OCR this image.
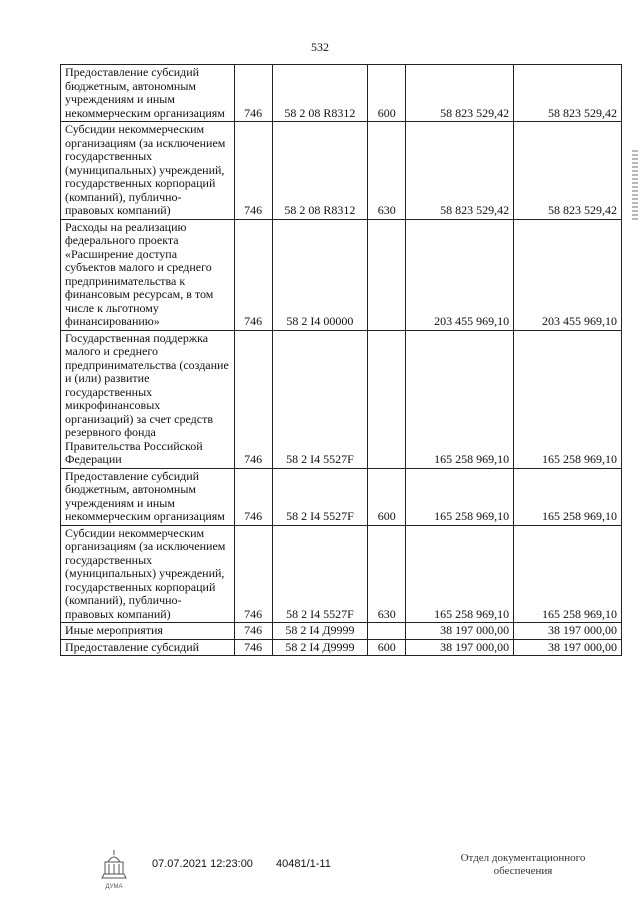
532
Предоставление субсидий бюджетным, автономным учреждениям и иным некоммерческим организациям	746	58 2 08 R8312	600	58 823 529,42	58 823 529,42
Субсидии некоммерческим организациям (за исключением государственных (муниципальных) учреждений, государственных корпораций (компаний), публично-правовых компаний)	746	58 2 08 R8312	630	58 823 529,42	58 823 529,42
Расходы на реализацию федерального проекта «Расширение доступа субъектов малого и среднего предпринимательства к финансовым ресурсам, в том числе к льготному финансированию»	746	58 2 I4 00000		203 455 969,10	203 455 969,10
Государственная поддержка малого и среднего предпринимательства (создание и (или) развитие государственных микрофинансовых организаций) за счет средств резервного фонда Правительства Российской Федерации	746	58 2 I4 5527F		165 258 969,10	165 258 969,10
Предоставление субсидий бюджетным, автономным учреждениям и иным некоммерческим организациям	746	58 2 I4 5527F	600	165 258 969,10	165 258 969,10
Субсидии некоммерческим организациям (за исключением государственных (муниципальных) учреждений, государственных корпораций (компаний), публично-правовых компаний)	746	58 2 I4 5527F	630	165 258 969,10	165 258 969,10
Иные мероприятия	746	58 2 I4 Д9999		38 197 000,00	38 197 000,00
Предоставление субсидий	746	58 2 I4 Д9999	600	38 197 000,00	38 197 000,00
ДУМА
07.07.2021 12:23:00 40481/1-11	Отдел документационного обеспечения
